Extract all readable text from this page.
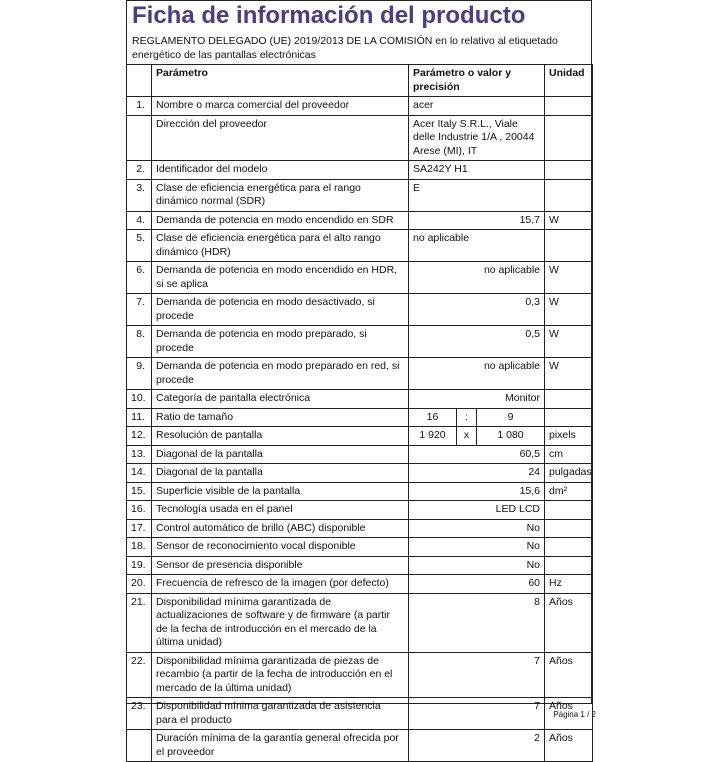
Ficha de información del producto
REGLAMENTO DELEGADO (UE) 2019/2013 DE LA COMISIÓN en lo relativo al etiquetado energético de las pantallas electrónicas
	Parámetro	Parámetro o valor y precisión			Unidad
1.	Nombre o marca comercial del proveedor	acer			
	Dirección del proveedor	Acer Italy S.R.L., Viale delle Industrie 1/A , 20044 Arese (MI), IT			
2.	Identificador del modelo	SA242Y H1			
3.	Clase de eficiencia energética para el rango dinámico normal (SDR)	E			
4.	Demanda de potencia en modo encendido en SDR	15,7			W
5.	Clase de eficiencia energética para el alto rango dinámico (HDR)	no aplicable			
6.	Demanda de potencia en modo encendido en HDR, si se aplica	no aplicable			W
7.	Demanda de potencia en modo desactivado, si procede	0,3			W
8.	Demanda de potencia en modo preparado, si procede	0,5			W
9.	Demanda de potencia en modo preparado en red, si procede	no aplicable			W
10.	Categoría de pantalla electrónica	Monitor			
11.	Ratio de tamaño	16	:	9	
12.	Resolución de pantalla	1 920	x	1 080	pixels
13.	Diagonal de la pantalla	60,5			cm
14.	Diagonal de la pantalla	24			pulgadas
15.	Superficie visible de la pantalla	15,6			dm²
16.	Tecnología usada en el panel	LED LCD			
17.	Control automático de brillo (ABC) disponible	No			
18.	Sensor de reconocimiento vocal disponible	No			
19.	Sensor de presencia disponible	No			
20.	Frecuencia de refresco de la imagen (por defecto)	60			Hz
21.	Disponibilidad mínima garantizada de actualizaciones de software y de firmware (a partir de la fecha de introducción en el mercado de la última unidad)	8			Años
22.	Disponibilidad mínima garantizada de piezas de recambio (a partir de la fecha de introducción en el mercado de la última unidad)	7			Años
23.	Disponibilidad mínima garantizada de asistencia para el producto	7			Años
	Duración mínima de la garantía general ofrecida por el proveedor	2			Años
Página 1 / 2
